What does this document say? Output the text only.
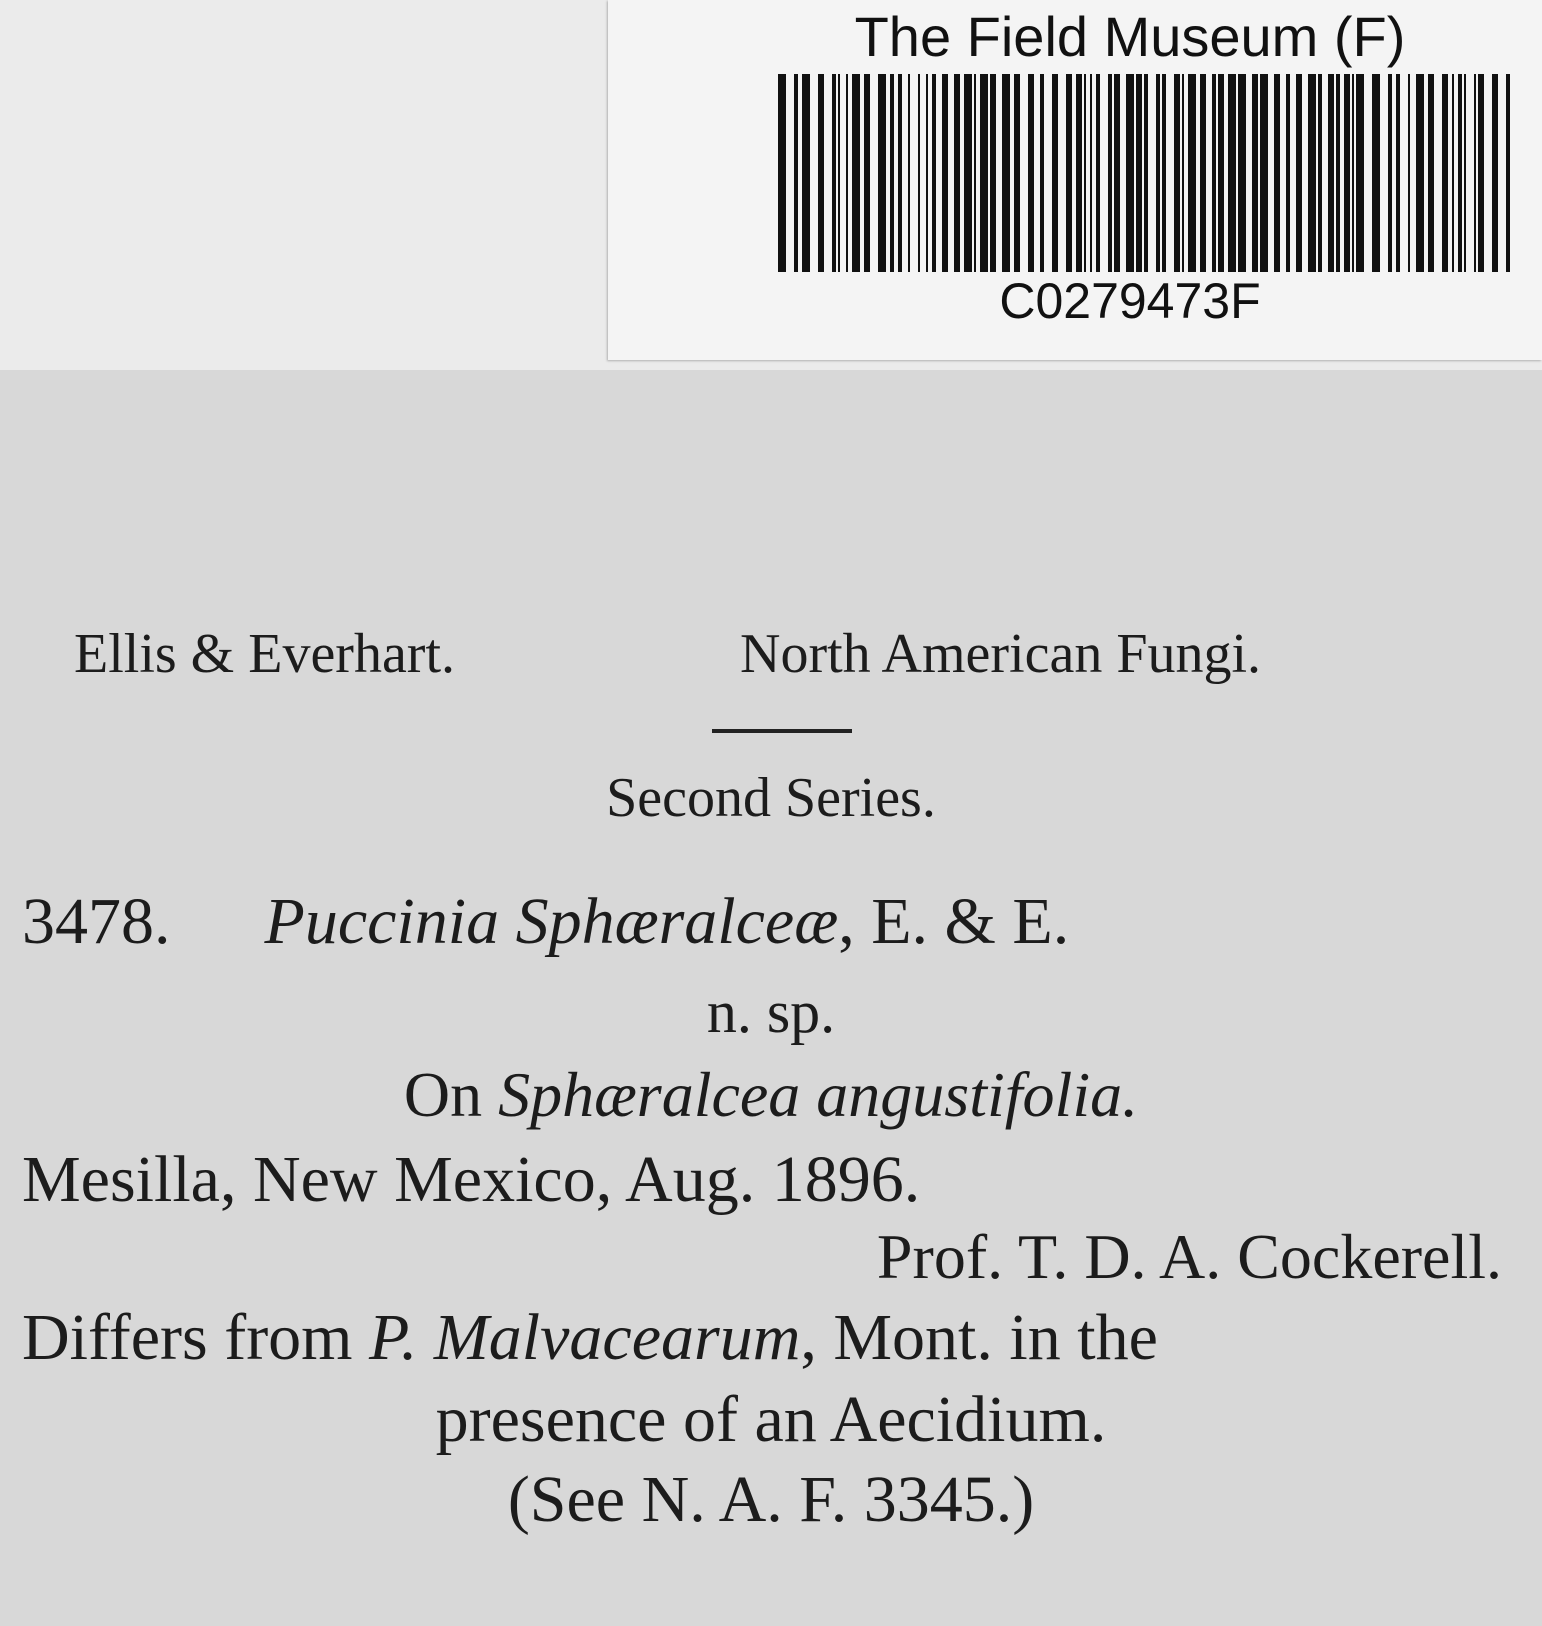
The Field Museum (F)
C0279473F
Ellis & Everhart.	North American Fungi.
Second Series.
3478. Puccinia Sphæralceæ, E. & E.
n. sp.
On Sphæralcea angustifolia.
Mesilla, New Mexico, Aug. 1896.
Prof. T. D. A. Cockerell.
Differs from P. Malvacearum, Mont. in the
presence of an Aecidium.
(See N. A. F. 3345.)
